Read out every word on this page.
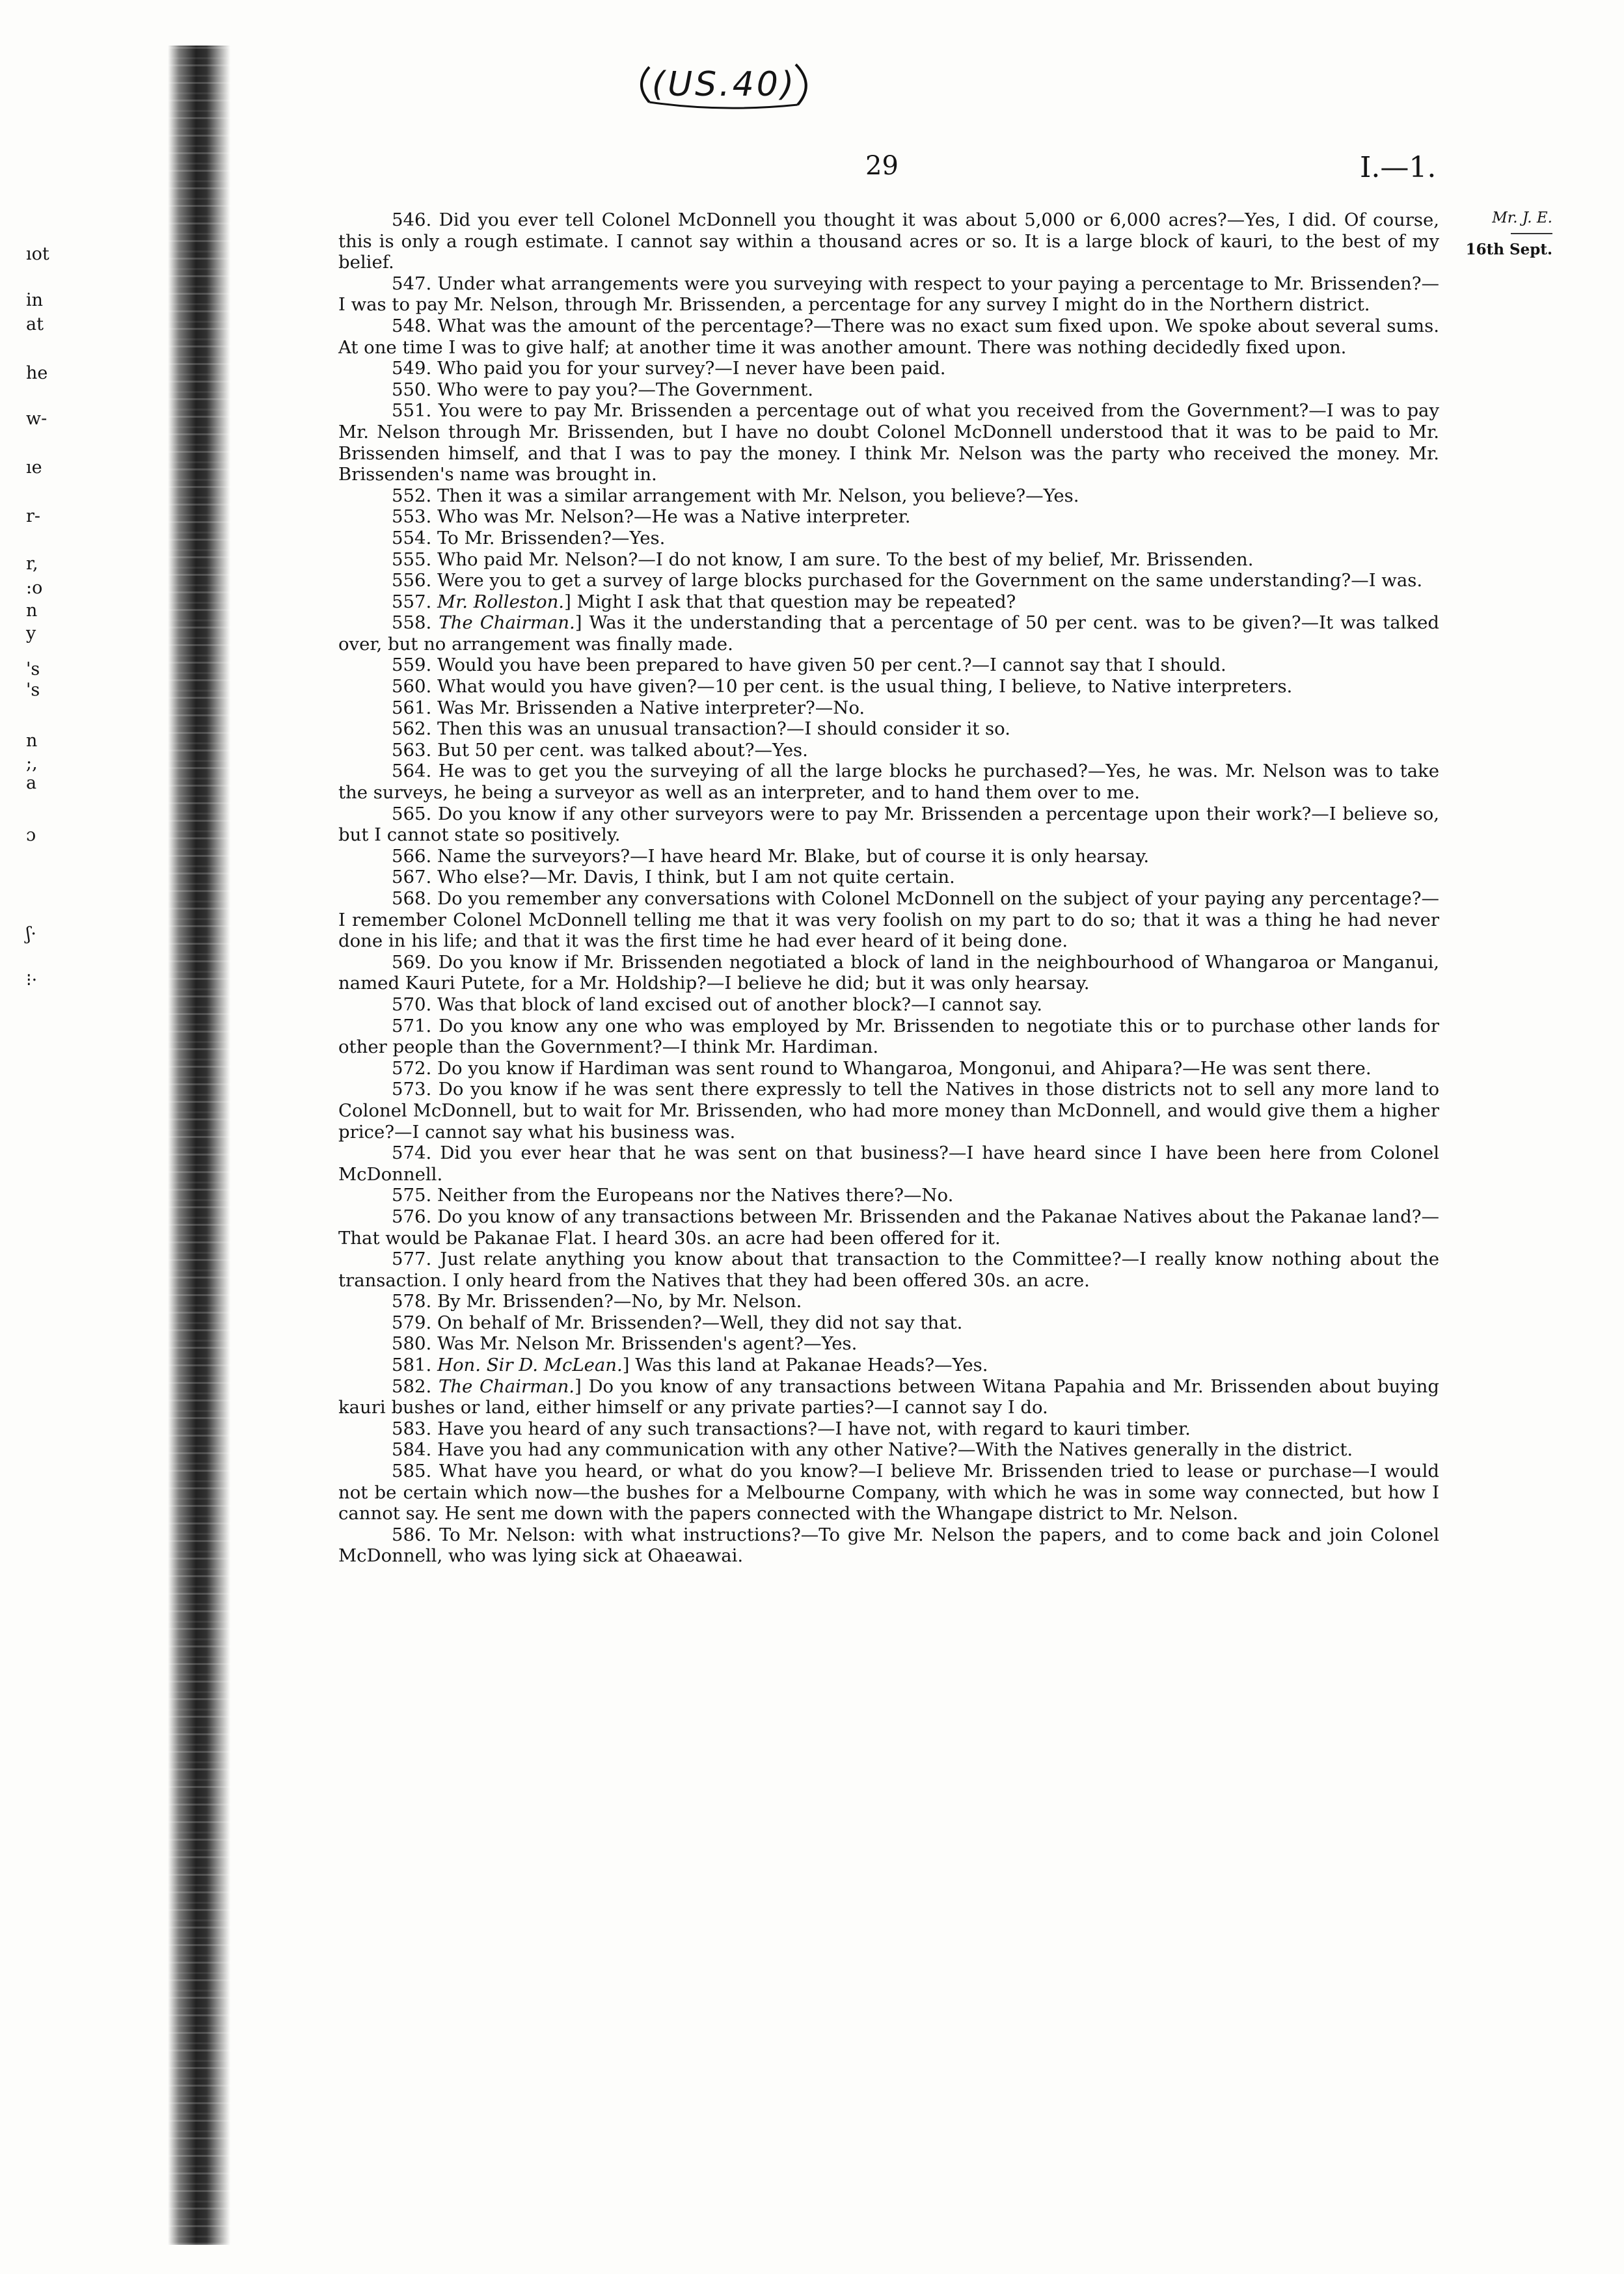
ıot
in
at
he
w-
ıe
r-
r,
:o
n
y
's
's
n
;,
a
ɔ
ʃ·
⁝·
(US.40)
29	I.—1.
Mr. J. E.
16th Sept.

546. Did you ever tell Colonel McDonnell you thought it was about 5,000 or 6,000 acres?—Yes, I did. Of course, this is only a rough estimate. I cannot say within a thousand acres or so. It is a large block of kauri, to the best of my belief.

547. Under what arrangements were you surveying with respect to your paying a percentage to Mr. Brissenden?—I was to pay Mr. Nelson, through Mr. Brissenden, a percentage for any survey I might do in the Northern district.

548. What was the amount of the percentage?—There was no exact sum fixed upon. We spoke about several sums. At one time I was to give half; at another time it was another amount. There was nothing decidedly fixed upon.

549. Who paid you for your survey?—I never have been paid.

550. Who were to pay you?—The Government.

551. You were to pay Mr. Brissenden a percentage out of what you received from the Government?—I was to pay Mr. Nelson through Mr. Brissenden, but I have no doubt Colonel McDonnell understood that it was to be paid to Mr. Brissenden himself, and that I was to pay the money. I think Mr. Nelson was the party who received the money. Mr. Brissenden's name was brought in.

552. Then it was a similar arrangement with Mr. Nelson, you believe?—Yes.

553. Who was Mr. Nelson?—He was a Native interpreter.

554. To Mr. Brissenden?—Yes.

555. Who paid Mr. Nelson?—I do not know, I am sure. To the best of my belief, Mr. Brissenden.

556. Were you to get a survey of large blocks purchased for the Government on the same understanding?—I was.

557. Mr. Rolleston.] Might I ask that that question may be repeated?

558. The Chairman.] Was it the understanding that a percentage of 50 per cent. was to be given?—It was talked over, but no arrangement was finally made.

559. Would you have been prepared to have given 50 per cent.?—I cannot say that I should.

560. What would you have given?—10 per cent. is the usual thing, I believe, to Native interpreters.

561. Was Mr. Brissenden a Native interpreter?—No.

562. Then this was an unusual transaction?—I should consider it so.

563. But 50 per cent. was talked about?—Yes.

564. He was to get you the surveying of all the large blocks he purchased?—Yes, he was. Mr. Nelson was to take the surveys, he being a surveyor as well as an interpreter, and to hand them over to me.

565. Do you know if any other surveyors were to pay Mr. Brissenden a percentage upon their work?—I believe so, but I cannot state so positively.

566. Name the surveyors?—I have heard Mr. Blake, but of course it is only hearsay.

567. Who else?—Mr. Davis, I think, but I am not quite certain.

568. Do you remember any conversations with Colonel McDonnell on the subject of your paying any percentage?—I remember Colonel McDonnell telling me that it was very foolish on my part to do so; that it was a thing he had never done in his life; and that it was the first time he had ever heard of it being done.

569. Do you know if Mr. Brissenden negotiated a block of land in the neighbourhood of Whangaroa or Manganui, named Kauri Putete, for a Mr. Holdship?—I believe he did; but it was only hearsay.

570. Was that block of land excised out of another block?—I cannot say.

571. Do you know any one who was employed by Mr. Brissenden to negotiate this or to purchase other lands for other people than the Government?—I think Mr. Hardiman.

572. Do you know if Hardiman was sent round to Whangaroa, Mongonui, and Ahipara?—He was sent there.

573. Do you know if he was sent there expressly to tell the Natives in those districts not to sell any more land to Colonel McDonnell, but to wait for Mr. Brissenden, who had more money than McDonnell, and would give them a higher price?—I cannot say what his business was.

574. Did you ever hear that he was sent on that business?—I have heard since I have been here from Colonel McDonnell.

575. Neither from the Europeans nor the Natives there?—No.

576. Do you know of any transactions between Mr. Brissenden and the Pakanae Natives about the Pakanae land?—That would be Pakanae Flat. I heard 30s. an acre had been offered for it.

577. Just relate anything you know about that transaction to the Committee?—I really know nothing about the transaction. I only heard from the Natives that they had been offered 30s. an acre.

578. By Mr. Brissenden?—No, by Mr. Nelson.

579. On behalf of Mr. Brissenden?—Well, they did not say that.

580. Was Mr. Nelson Mr. Brissenden's agent?—Yes.

581. Hon. Sir D. McLean.] Was this land at Pakanae Heads?—Yes.

582. The Chairman.] Do you know of any transactions between Witana Papahia and Mr. Brissenden about buying kauri bushes or land, either himself or any private parties?—I cannot say I do.

583. Have you heard of any such transactions?—I have not, with regard to kauri timber.

584. Have you had any communication with any other Native?—With the Natives generally in the district.

585. What have you heard, or what do you know?—I believe Mr. Brissenden tried to lease or purchase—I would not be certain which now—the bushes for a Melbourne Company, with which he was in some way connected, but how I cannot say. He sent me down with the papers connected with the Whangape district to Mr. Nelson.

586. To Mr. Nelson: with what instructions?—To give Mr. Nelson the papers, and to come back and join Colonel McDonnell, who was lying sick at Ohaeawai.
